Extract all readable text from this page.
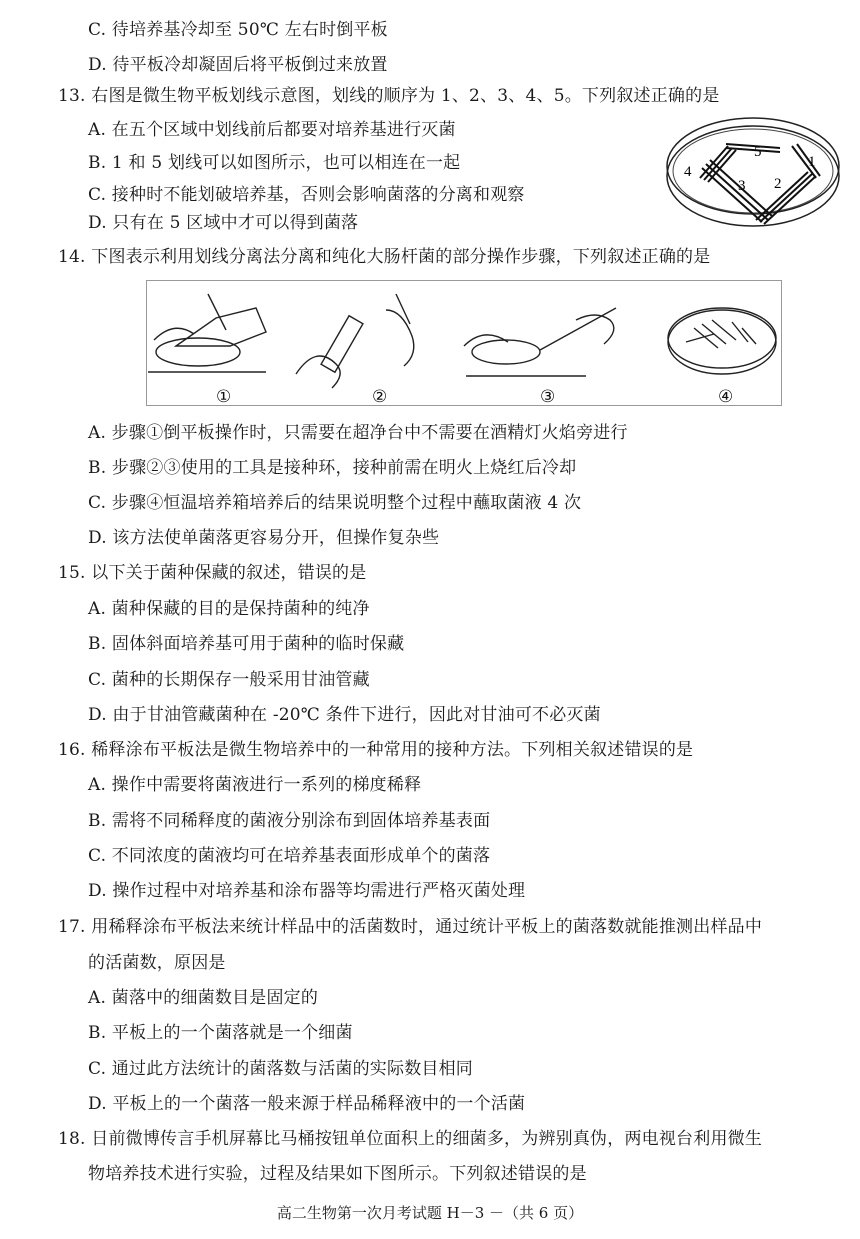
C. 待培养基冷却至 50℃ 左右时倒平板
D. 待平板冷却凝固后将平板倒过来放置
13. 右图是微生物平板划线示意图，划线的顺序为 1、2、3、4、5。下列叙述正确的是
A. 在五个区域中划线前后都要对培养基进行灭菌
B. 1 和 5 划线可以如图所示，也可以相连在一起
C. 接种时不能划破培养基，否则会影响菌落的分离和观察
D. 只有在 5 区域中才可以得到菌落
14. 下图表示利用划线分离法分离和纯化大肠杆菌的部分操作步骤，下列叙述正确的是
A. 步骤①倒平板操作时，只需要在超净台中不需要在酒精灯火焰旁进行
B. 步骤②③使用的工具是接种环，接种前需在明火上烧红后冷却
C. 步骤④恒温培养箱培养后的结果说明整个过程中蘸取菌液 4 次
D. 该方法使单菌落更容易分开，但操作复杂些
15. 以下关于菌种保藏的叙述，错误的是
A. 菌种保藏的目的是保持菌种的纯净
B. 固体斜面培养基可用于菌种的临时保藏
C. 菌种的长期保存一般采用甘油管藏
D. 由于甘油管藏菌种在 -20℃ 条件下进行，因此对甘油可不必灭菌
16. 稀释涂布平板法是微生物培养中的一种常用的接种方法。下列相关叙述错误的是
A. 操作中需要将菌液进行一系列的梯度稀释
B. 需将不同稀释度的菌液分别涂布到固体培养基表面
C. 不同浓度的菌液均可在培养基表面形成单个的菌落
D. 操作过程中对培养基和涂布器等均需进行严格灭菌处理
17. 用稀释涂布平板法来统计样品中的活菌数时，通过统计平板上的菌落数就能推测出样品中
的活菌数，原因是
A. 菌落中的细菌数目是固定的
B. 平板上的一个菌落就是一个细菌
C. 通过此方法统计的菌落数与活菌的实际数目相同
D. 平板上的一个菌落一般来源于样品稀释液中的一个活菌
18. 日前微博传言手机屏幕比马桶按钮单位面积上的细菌多，为辨别真伪，两电视台利用微生
物培养技术进行实验，过程及结果如下图所示。下列叙述错误的是
5
1
4
3 2
①	②	③	④
高二生物第一次月考试题 H－3 －（共 6 页）
